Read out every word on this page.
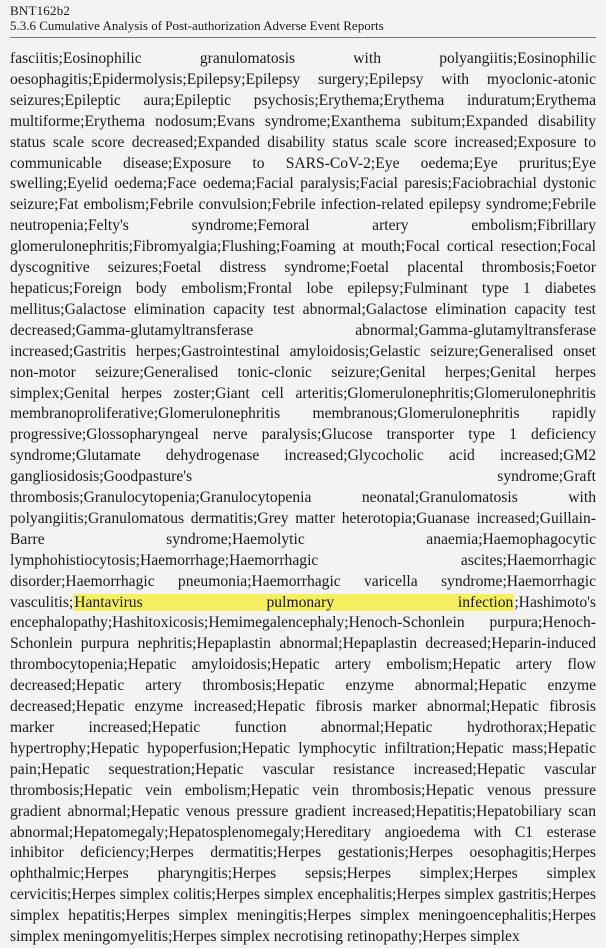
BNT162b2

5.3.6 Cumulative Analysis of Post-authorization Adverse Event Reports

fasciitis;Eosinophilic granulomatosis with polyangiitis;Eosinophilic oesophagitis;Epidermolysis;Epilepsy;Epilepsy surgery;Epilepsy with myoclonic-atonic seizures;Epileptic aura;Epileptic psychosis;Erythema;Erythema induratum;Erythema multiforme;Erythema nodosum;Evans syndrome;Exanthema subitum;Expanded disability status scale score decreased;Expanded disability status scale score increased;Exposure to communicable disease;Exposure to SARS-CoV-2;Eye oedema;Eye pruritus;Eye swelling;Eyelid oedema;Face oedema;Facial paralysis;Facial paresis;Faciobrachial dystonic seizure;Fat embolism;Febrile convulsion;Febrile infection-related epilepsy syndrome;Febrile neutropenia;Felty's syndrome;Femoral artery embolism;Fibrillary glomerulonephritis;Fibromyalgia;Flushing;Foaming at mouth;Focal cortical resection;Focal dyscognitive seizures;Foetal distress syndrome;Foetal placental thrombosis;Foetor hepaticus;Foreign body embolism;Frontal lobe epilepsy;Fulminant type 1 diabetes mellitus;Galactose elimination capacity test abnormal;Galactose elimination capacity test decreased;Gamma-glutamyltransferase abnormal;Gamma-glutamyltransferase increased;Gastritis herpes;Gastrointestinal amyloidosis;Gelastic seizure;Generalised onset non-motor seizure;Generalised tonic-clonic seizure;Genital herpes;Genital herpes simplex;Genital herpes zoster;Giant cell arteritis;Glomerulonephritis;Glomerulonephritis membranoproliferative;Glomerulonephritis membranous;Glomerulonephritis rapidly progressive;Glossopharyngeal nerve paralysis;Glucose transporter type 1 deficiency syndrome;Glutamate dehydrogenase increased;Glycocholic acid increased;GM2 gangliosidosis;Goodpasture's syndrome;Graft thrombosis;Granulocytopenia;Granulocytopenia neonatal;Granulomatosis with polyangiitis;Granulomatous dermatitis;Grey matter heterotopia;Guanase increased;Guillain-Barre syndrome;Haemolytic anaemia;Haemophagocytic lymphohistiocytosis;Haemorrhage;Haemorrhagic ascites;Haemorrhagic disorder;Haemorrhagic pneumonia;Haemorrhagic varicella syndrome;Haemorrhagic vasculitis;Hantavirus pulmonary infection;Hashimoto's encephalopathy;Hashitoxicosis;Hemimegalencephaly;Henoch-Schonlein purpura;Henoch-Schonlein purpura nephritis;Hepaplastin abnormal;Hepaplastin decreased;Heparin-induced thrombocytopenia;Hepatic amyloidosis;Hepatic artery embolism;Hepatic artery flow decreased;Hepatic artery thrombosis;Hepatic enzyme abnormal;Hepatic enzyme decreased;Hepatic enzyme increased;Hepatic fibrosis marker abnormal;Hepatic fibrosis marker increased;Hepatic function abnormal;Hepatic hydrothorax;Hepatic hypertrophy;Hepatic hypoperfusion;Hepatic lymphocytic infiltration;Hepatic mass;Hepatic pain;Hepatic sequestration;Hepatic vascular resistance increased;Hepatic vascular thrombosis;Hepatic vein embolism;Hepatic vein thrombosis;Hepatic venous pressure gradient abnormal;Hepatic venous pressure gradient increased;Hepatitis;Hepatobiliary scan abnormal;Hepatomegaly;Hepatosplenomegaly;Hereditary angioedema with C1 esterase inhibitor deficiency;Herpes dermatitis;Herpes gestationis;Herpes oesophagitis;Herpes ophthalmic;Herpes pharyngitis;Herpes sepsis;Herpes simplex;Herpes simplex cervicitis;Herpes simplex colitis;Herpes simplex encephalitis;Herpes simplex gastritis;Herpes simplex hepatitis;Herpes simplex meningitis;Herpes simplex meningoencephalitis;Herpes simplex meningomyelitis;Herpes simplex necrotising retinopathy;Herpes simplex
